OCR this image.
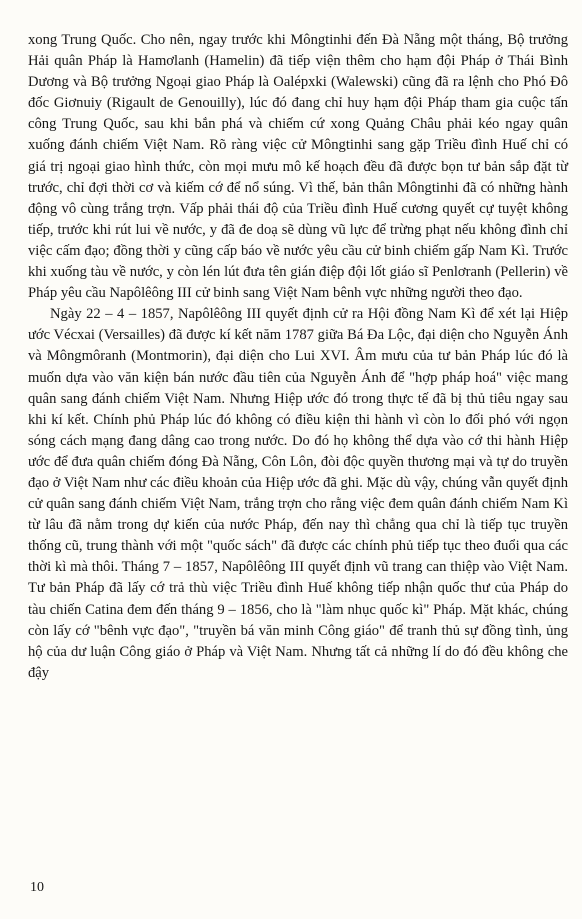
xong Trung Quốc. Cho nên, ngay trước khi Môngtinhi đến Đà Nẵng một tháng, Bộ trưởng Hải quân Pháp là Hamơlanh (Hamelin) đã tiếp viện thêm cho hạm đội Pháp ở Thái Bình Dương và Bộ trưởng Ngoại giao Pháp là Oalépxki (Walewski) cũng đã ra lệnh cho Phó Đô đốc Giơnuiy (Rigault de Genouilly), lúc đó đang chỉ huy hạm đội Pháp tham gia cuộc tấn công Trung Quốc, sau khi bắn phá và chiếm cứ xong Quảng Châu phải kéo ngay quân xuống đánh chiếm Việt Nam. Rõ ràng việc cử Môngtinhi sang gặp Triều đình Huế chỉ có giá trị ngoại giao hình thức, còn mọi mưu mô kế hoạch đều đã được bọn tư bản sắp đặt từ trước, chỉ đợi thời cơ và kiếm cớ để nổ súng. Vì thế, bản thân Môngtinhi đã có những hành động vô cùng trắng trợn. Vấp phải thái độ của Triều đình Huế cương quyết cự tuyệt không tiếp, trước khi rút lui về nước, y đã đe doạ sẽ dùng vũ lực để trừng phạt nếu không đình chỉ việc cấm đạo; đồng thời y cũng cấp báo về nước yêu cầu cử binh chiếm gấp Nam Kì. Trước khi xuống tàu về nước, y còn lén lút đưa tên gián điệp đội lốt giáo sĩ Penlơranh (Pellerin) về Pháp yêu cầu Napôlêông III cử binh sang Việt Nam bênh vực những người theo đạo.

Ngày 22 – 4 – 1857, Napôlêông III quyết định cử ra Hội đồng Nam Kì để xét lại Hiệp ước Vécxai (Versailles) đã được kí kết năm 1787 giữa Bá Đa Lộc, đại diện cho Nguyễn Ánh và Môngmôranh (Montmorin), đại diện cho Lui XVI. Âm mưu của tư bản Pháp lúc đó là muốn dựa vào văn kiện bán nước đầu tiên của Nguyễn Ánh để "hợp pháp hoá" việc mang quân sang đánh chiếm Việt Nam. Nhưng Hiệp ước đó trong thực tế đã bị thủ tiêu ngay sau khi kí kết. Chính phủ Pháp lúc đó không có điều kiện thi hành vì còn lo đối phó với ngọn sóng cách mạng đang dâng cao trong nước. Do đó họ không thể dựa vào cớ thi hành Hiệp ước để đưa quân chiếm đóng Đà Nẵng, Côn Lôn, đòi độc quyền thương mại và tự do truyền đạo ở Việt Nam như các điều khoản của Hiệp ước đã ghi. Mặc dù vậy, chúng vẫn quyết định cử quân sang đánh chiếm Việt Nam, trắng trợn cho rằng việc đem quân đánh chiếm Nam Kì từ lâu đã nằm trong dự kiến của nước Pháp, đến nay thì chẳng qua chỉ là tiếp tục truyền thống cũ, trung thành với một "quốc sách" đã được các chính phủ tiếp tục theo đuổi qua các thời kì mà thôi. Tháng 7 – 1857, Napôlêông III quyết định vũ trang can thiệp vào Việt Nam. Tư bản Pháp đã lấy cớ trả thù việc Triều đình Huế không tiếp nhận quốc thư của Pháp do tàu chiến Catina đem đến tháng 9 – 1856, cho là "làm nhục quốc kì" Pháp. Mặt khác, chúng còn lấy cớ "bênh vực đạo", "truyền bá văn minh Công giáo" để tranh thủ sự đồng tình, ủng hộ của dư luận Công giáo ở Pháp và Việt Nam. Nhưng tất cả những lí do đó đều không che đậy

10
